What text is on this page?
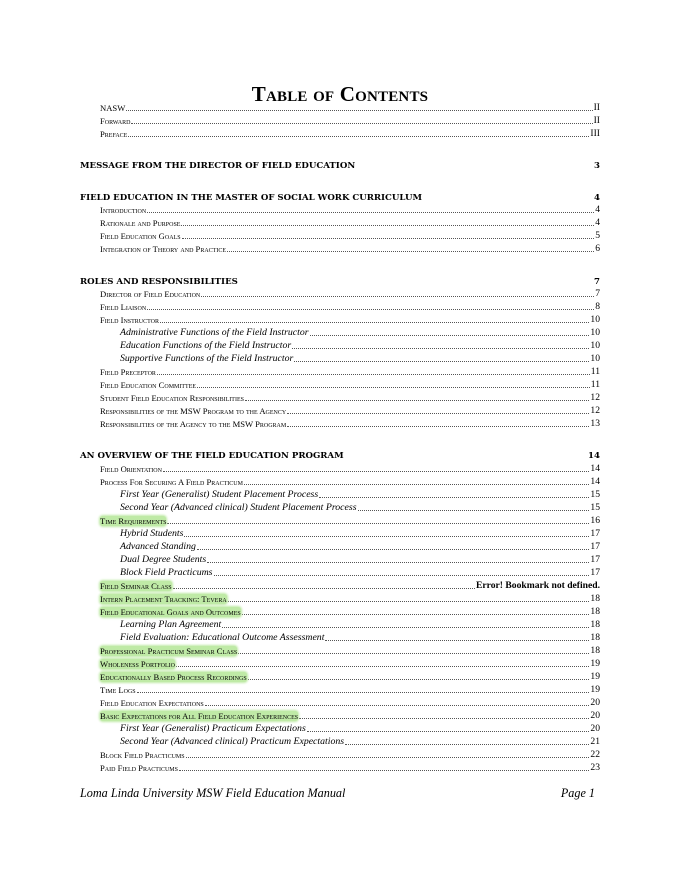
Table of Contents
NASW	II
Forward	II
Preface	III
MESSAGE FROM THE DIRECTOR OF FIELD EDUCATION	3
FIELD EDUCATION IN THE MASTER OF SOCIAL WORK CURRICULUM	4
Introduction	4
Rationale and Purpose	4
Field Education Goals	5
Integration of Theory and Practice	6
ROLES AND RESPONSIBILITIES	7
Director of Field Education	7
Field Liaison	8
Field Instructor	10
Administrative Functions of the Field Instructor	10
Education Functions of the Field Instructor	10
Supportive Functions of the Field Instructor	10
Field Preceptor	11
Field Education Committee	11
Student Field Education Responsibilities	12
Responsibilities of the MSW Program to the Agency	12
Responsibilities of the Agency to the MSW Program	13
AN OVERVIEW OF THE FIELD EDUCATION PROGRAM	14
Field Orientation	14
Process For Securing A Field Practicum	14
First Year (Generalist) Student Placement Process	15
Second Year (Advanced clinical) Student Placement Process	15
Time Requirements	16
Hybrid Students	17
Advanced Standing	17
Dual Degree Students	17
Block Field Practicums	17
Field Seminar Class	Error! Bookmark not defined.
Intern Placement Tracking: Tevera	18
Field Educational Goals and Outcomes	18
Learning Plan Agreement	18
Field Evaluation: Educational Outcome Assessment	18
Professional Practicum Seminar Class	18
Wholeness Portfolio	19
Educationally Based Process Recordings	19
Time Logs	19
Field Education Expectations	20
Basic Expectations for All Field Education Experiences	20
First Year (Generalist) Practicum Expectations	20
Second Year (Advanced clinical) Practicum Expectations	21
Block Field Practicums	22
Paid Field Practicums	23
Loma Linda University MSW Field Education Manual	Page 1
